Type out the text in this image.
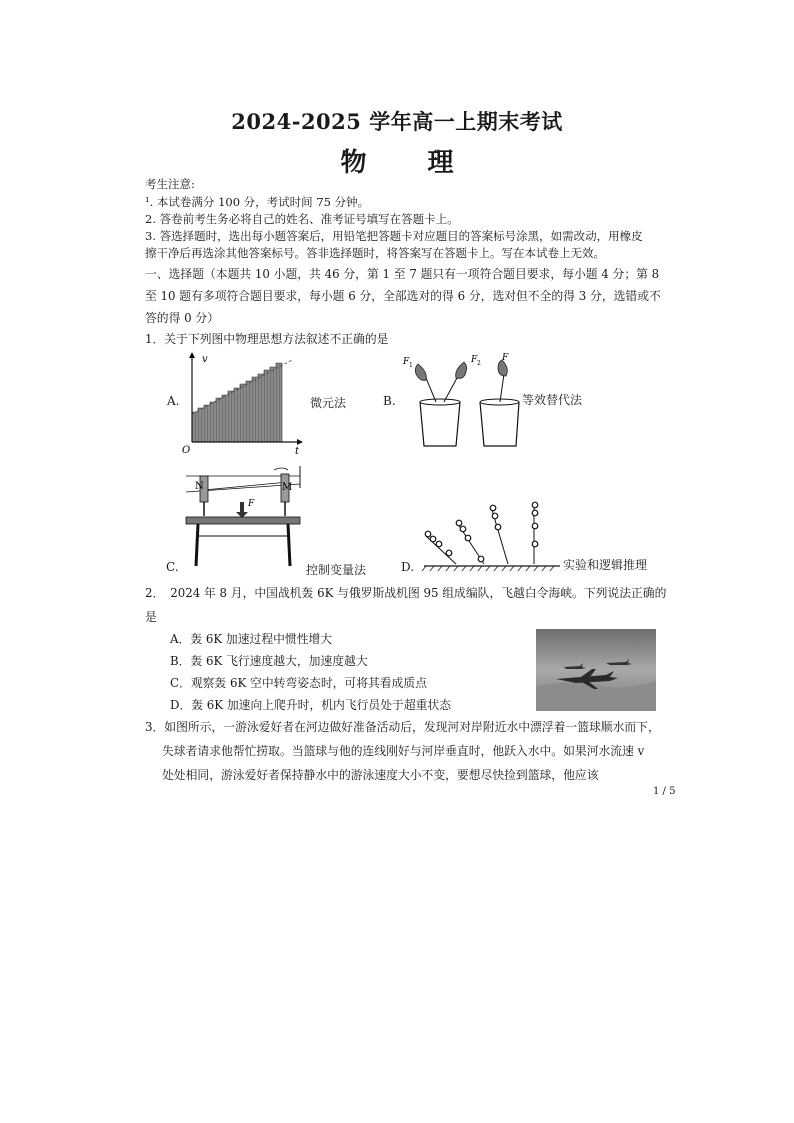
2024-2025 学年高一上期末考试
物 理
考生注意:
¹. 本试卷满分 100 分，考试时间 75 分钟。
2. 答卷前考生务必将自己的姓名、准考证号填写在答题卡上。
3. 答选择题时，选出每小题答案后，用铅笔把答题卡对应题目的答案标号涂黑，如需改动，用橡皮
擦干净后再选涂其他答案标号。答非选择题时，将答案写在答题卡上。写在本试卷上无效。
一、选择题（本题共 10 小题，共 46 分，第 1 至 7 题只有一项符合题目要求，每小题 4 分；第 8
至 10 题有多项符合题目要求，每小题 6 分，全部选对的得 6 分，选对但不全的得 3 分，选错或不
答的得 0 分）
1．关于下列图中物理思想方法叙述不正确的是
A.
v
t
O
微元法	B.
F 1
F 2
F
等效替代法
C.
N	M
F
控制变量法	D.	实验和逻辑推理
2．　2024 年 8 月，中国战机轰 6K 与俄罗斯战机图 95 组成编队，飞越白令海峡。下列说法正确的
是
A．轰 6K 加速过程中惯性增大
B．轰 6K 飞行速度越大，加速度越大
C．观察轰 6K 空中转弯姿态时，可将其看成质点
D．轰 6K 加速向上爬升时，机内飞行员处于超重状态
3．如图所示，一游泳爱好者在河边做好准备活动后，发现河对岸附近水中漂浮着一篮球顺水而下，
失球者请求他帮忙捞取。当篮球与他的连线刚好与河岸垂直时，他跃入水中。如果河水流速 v
处处相同，游泳爱好者保持静水中的游泳速度大小不变，要想尽快捡到篮球，他应该
1 / 5
